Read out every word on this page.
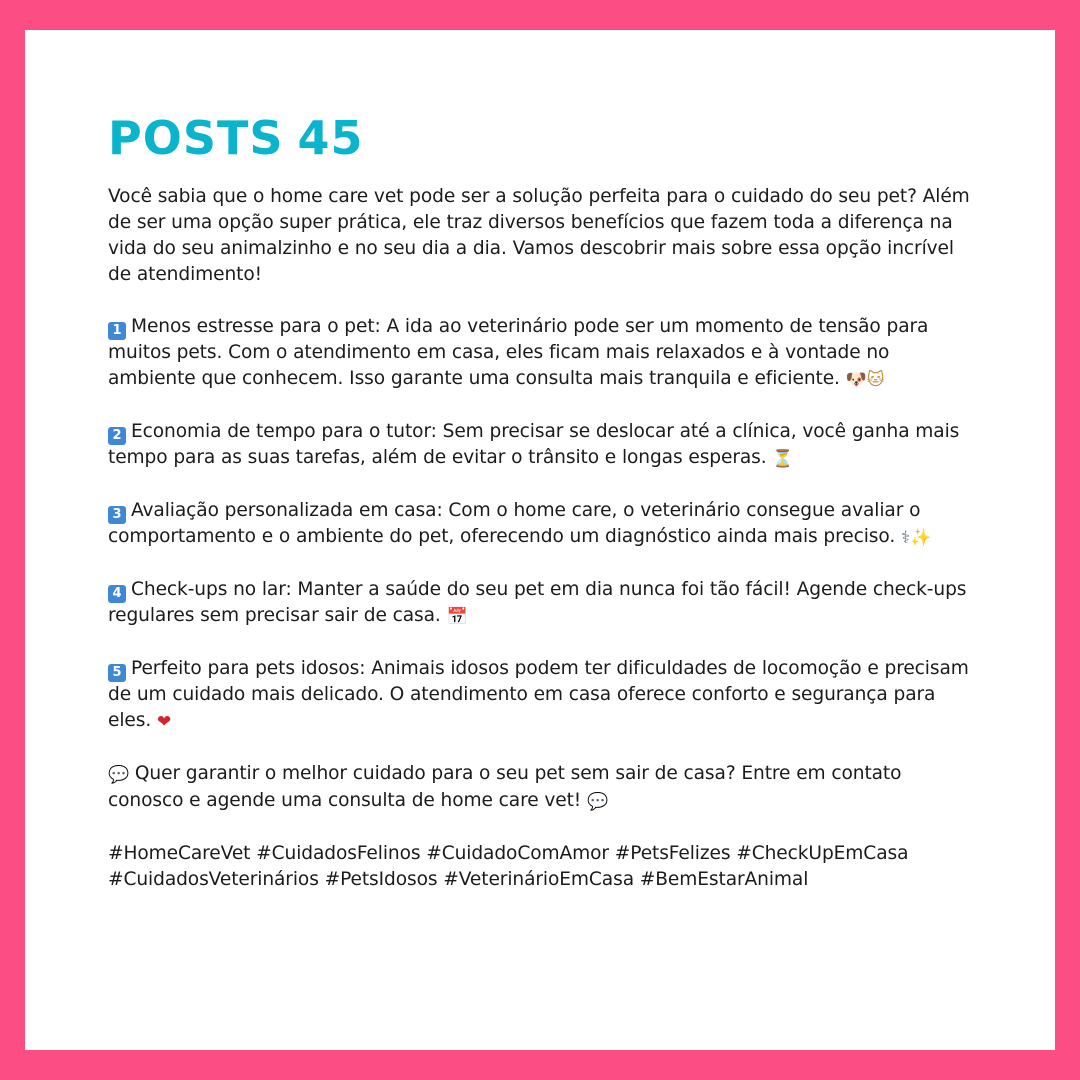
POSTS 45

Você sabia que o home care vet pode ser a solução perfeita para o cuidado do seu pet? Além de ser uma opção super prática, ele traz diversos benefícios que fazem toda a diferença na vida do seu animalzinho e no seu dia a dia. Vamos descobrir mais sobre essa opção incrível de atendimento!

1 Menos estresse para o pet: A ida ao veterinário pode ser um momento de tensão para muitos pets. Com o atendimento em casa, eles ficam mais relaxados e à vontade no ambiente que conhecem. Isso garante uma consulta mais tranquila e eficiente. 🐶🐱

2 Economia de tempo para o tutor: Sem precisar se deslocar até a clínica, você ganha mais tempo para as suas tarefas, além de evitar o trânsito e longas esperas. ⏳

3 Avaliação personalizada em casa: Com o home care, o veterinário consegue avaliar o comportamento e o ambiente do pet, oferecendo um diagnóstico ainda mais preciso. ⚕✨

4 Check-ups no lar: Manter a saúde do seu pet em dia nunca foi tão fácil! Agende check-ups regulares sem precisar sair de casa. 📅

5 Perfeito para pets idosos: Animais idosos podem ter dificuldades de locomoção e precisam de um cuidado mais delicado. O atendimento em casa oferece conforto e segurança para eles. ❤

💬 Quer garantir o melhor cuidado para o seu pet sem sair de casa? Entre em contato conosco e agende uma consulta de home care vet! 💬

#HomeCareVet #CuidadosFelinos #CuidadoComAmor #PetsFelizes #CheckUpEmCasa #CuidadosVeterinários #PetsIdosos #VeterinárioEmCasa #BemEstarAnimal
